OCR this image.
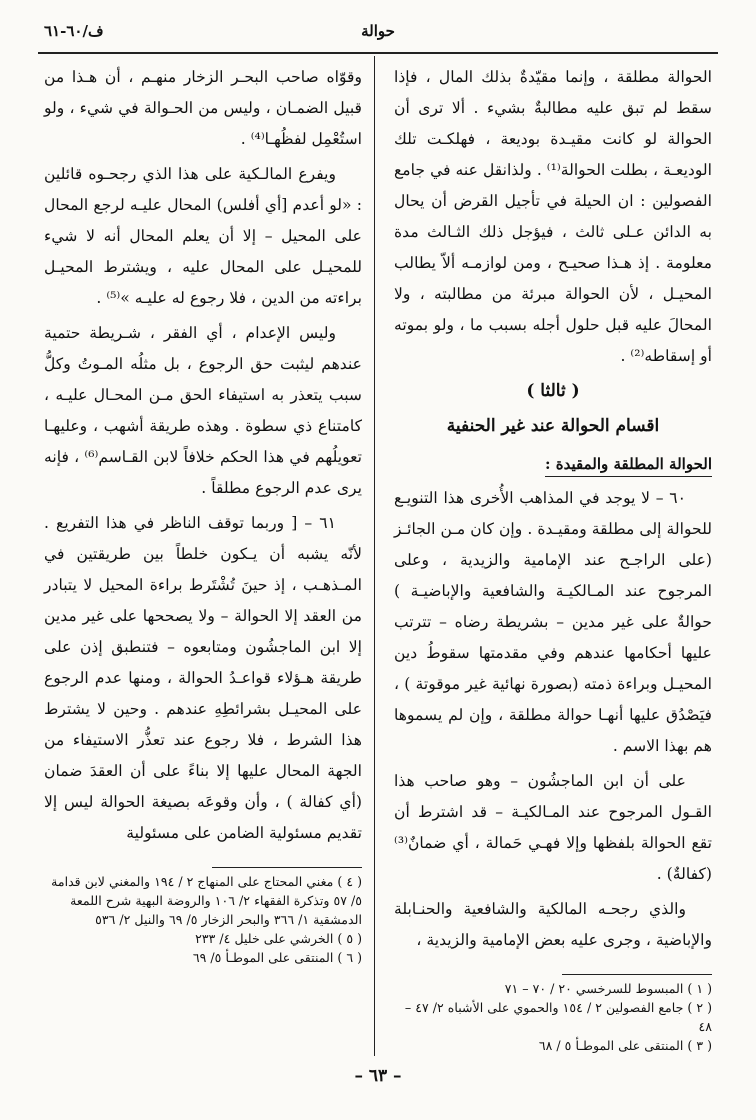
ف/٦٠-٦١	حوالة

الحوالة مطلقة ، وإنما مقيّدةٌ بذلك المال ، فإذا سقط لم تبق عليه مطالبةٌ بشيء . ألا ترى أن الحوالة لو كانت مقيـدة بوديعة ، فهلكـت تلك الوديعـة ، بطلت الحوالة⁽¹⁾ . ولذانقل عنه في جامع الفصولين : ان الحيلة في تأجيل القرض أن يحال به الدائن عـلى ثالث ، فيؤجل ذلك الثـالث مدة معلومة . إذ هـذا صحيـح ، ومن لوازمـه ألاّ يطالب المحيـل ، لأن الحوالة مبرئة من مطالبته ، ولا المحالَ عليه قبل حلول أجله بسبب ما ، ولو بموته أو إسقاطه⁽²⁾ .

( ثالثا )

اقسام الحوالة عند غير الحنفية

الحوالة المطلقة والمقيدة :

٦٠ – لا يوجد في المذاهب الأُخرى هذا التنويـع للحوالة إلى مطلقة ومقيـدة . وإن كان مـن الجائـز (على الراجـح عند الإمامية والزيدية ، وعلى المرجوح عند المـالكيـة والشافعية والإباضيـة ) حوالةٌ على غير مدين – بشريطة رضاه – تترتب عليها أحكامها عندهم وفي مقدمتها سقوطُ دين المحيـل وبراءة ذمته (بصورة نهائية غير موقوتة ) ، فيَصْدُق عليها أنهـا حوالة مطلقة ، وإن لم يسموها هم بهذا الاسم .

على أن ابن الماجشُون – وهو صاحب هذا القـول المرجوح عند المـالكيـة – قد اشترط أن تقع الحوالة بلفظها وإلا فهـي حَمالة ، أي ضمانٌ⁽³⁾ (كفالةٌ) .

والذي رجحـه المالكية والشافعية والحنـابلة والإباضية ، وجرى عليه بعض الإمامية والزيدية ،

( ١ ) المبسوط للسرخسي ٢٠ / ٧٠ – ٧١
( ٢ ) جامع الفصولين ٢ / ١٥٤ والحموي على الأشباه ٢/ ٤٧ – ٤٨
( ٣ ) المنتقى على الموطـأ ٥ / ٦٨

وقوّاه صاحب البحـر الزخار منهـم ، أن هـذا من قبيل الضمـان ، وليس من الحـوالة في شيء ، ولو استُعْمِل لفظُهـا⁽⁴⁾ .

ويفرع المالـكية على هذا الذي رجحـوه قائلين : «لو أعدم [أي أفلس) المحال عليـه لرجع المحال على المحيل – إلا أن يعلم المحال أنه لا شيء للمحيـل على المحال عليه ، ويشترط المحيـل براءته من الدين ، فلا رجوع له عليـه »⁽⁵⁾ .

وليس الإعدام ، أي الفقر ، شـريطة حتمية عندهم ليثبت حق الرجوع ، بل مثلُه المـوتُ وكلُّ سبب يتعذر به استيفاء الحق مـن المحـال عليـه ، كامتناع ذي سطوة . وهذه طريقة أشهب ، وعليهـا تعويلُهم في هذا الحكم خلافاً لابن القـاسم⁽⁶⁾ ، فإنه يرى عدم الرجوع مطلقاً .

٦١ – [ وربما توقف الناظر في هذا التفريع . لأنّه يشبه أن يـكون خلطاً بين طريقتين في المـذهـب ، إذ حينَ تُشْتَرط براءة المحيل لا يتبادر من العقد إلا الحوالة – ولا يصححها على غير مدين إلا ابن الماجشُون ومتابعوه – فتنطبق إذن على طريقة هـؤلاء قواعـدُ الحوالة ، ومنها عدم الرجوع على المحيـل بشرائطِهِ عندهم . وحين لا يشترط هذا الشرط ، فلا رجوع عند تعذُّر الاستيفاء من الجهة المحال عليها إلا بناءً على أن العقدَ ضمان (أي كفالة ) ، وأن وقوعَه بصيغة الحوالة ليس إلا تقديم مسئولية الضامن على مسئولية

( ٤ ) مغني المحتاج على المنهاج ٢ / ١٩٤ والمغني لابن قدامة ٥/ ٥٧ وتذكرة الفقهاء ٢/ ١٠٦ والروضة البهية شرح اللمعة الدمشقية ١/ ٣٦٦ والبحر الزخار ٥/ ٦٩ والنيل ٢/ ٥٣٦
( ٥ ) الخرشي على خليل ٤/ ٢٣٣
( ٦ ) المنتقى على الموطـأ ٥/ ٦٩
– ٦٣ –
